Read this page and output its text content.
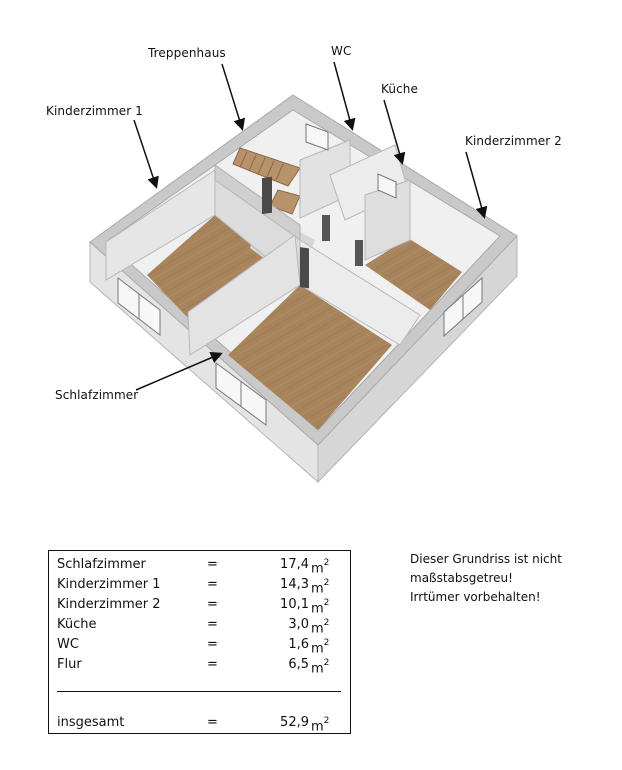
Treppenhaus	WC
Küche
Kinderzimmer 1
Kinderzimmer 2
Schlafzimmer
Schlafzimmer	=	17,4 $m^2$
Kinderzimmer 1	=	14,3 $m^2$
Kinderzimmer 2	=	10,1 $m^2$
Küche	=	3,0 $m^2$
WC	=	1,6 $m^2$
Flur	=	6,5 $m^2$
insgesamt	=	52,9 $m^2$
Dieser Grundriss ist nicht
maßstabsgetreu!
Irrtümer vorbehalten!
